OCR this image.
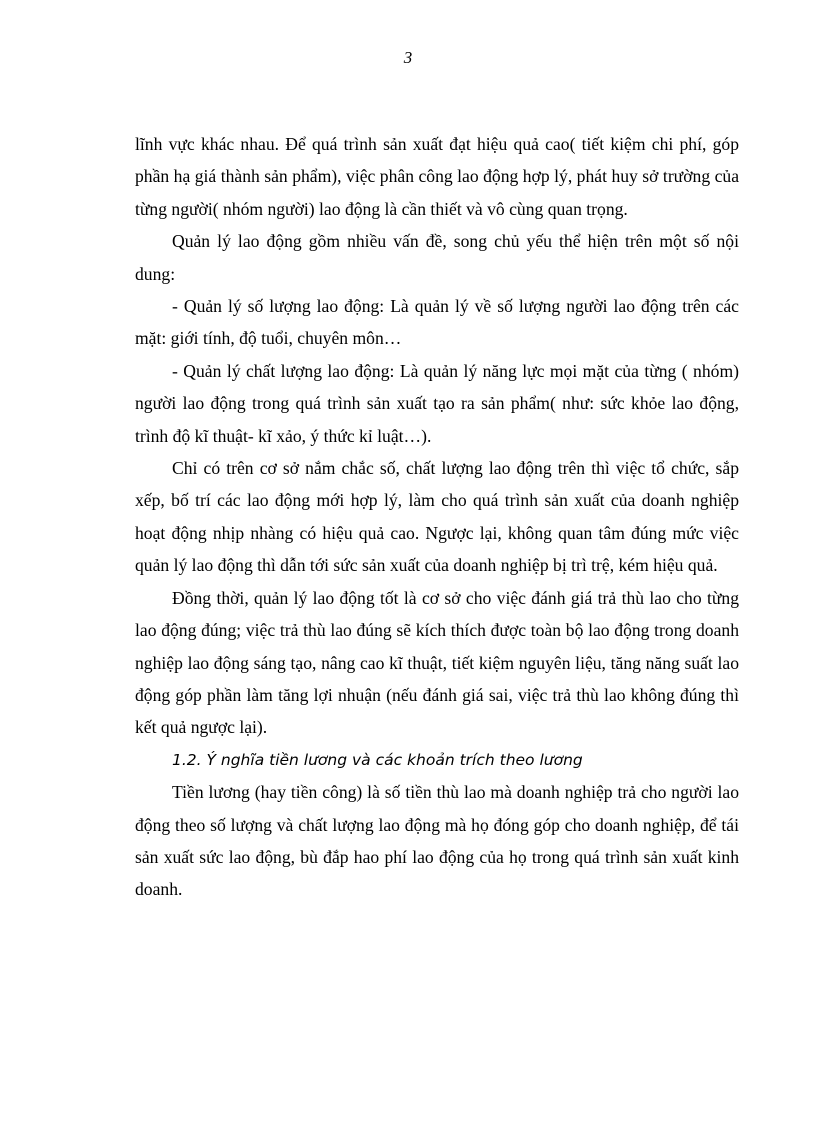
3

lĩnh vực khác nhau. Để quá trình sản xuất đạt hiệu quả cao( tiết kiệm chi phí, góp phần hạ giá thành sản phẩm), việc phân công lao động hợp lý, phát huy sở trường của từng người( nhóm người) lao động là cần thiết và vô cùng quan trọng.

Quản lý lao động gồm nhiều vấn đề, song chủ yếu thể hiện trên một số nội dung:

- Quản lý số lượng lao động: Là quản lý về số lượng người lao động trên các mặt: giới tính, độ tuổi, chuyên môn…

- Quản lý chất lượng lao động: Là quản lý năng lực mọi mặt của từng ( nhóm) người lao động trong quá trình sản xuất tạo ra sản phẩm( như: sức khỏe lao động, trình độ kĩ thuật- kĩ xảo, ý thức kỉ luật…).

Chỉ có trên cơ sở nắm chắc số, chất lượng lao động trên thì việc tổ chức, sắp xếp, bố trí các lao động mới hợp lý, làm cho quá trình sản xuất của doanh nghiệp hoạt động nhịp nhàng có hiệu quả cao. Ngược lại, không quan tâm đúng mức việc quản lý lao động thì dẫn tới sức sản xuất của doanh nghiệp bị trì trệ, kém hiệu quả.

Đồng thời, quản lý lao động tốt là cơ sở cho việc đánh giá trả thù lao cho từng lao động đúng; việc trả thù lao đúng sẽ kích thích được toàn bộ lao động trong doanh nghiệp lao động sáng tạo, nâng cao kĩ thuật, tiết kiệm nguyên liệu, tăng năng suất lao động góp phần làm tăng lợi nhuận (nếu đánh giá sai, việc trả thù lao không đúng thì kết quả ngược lại).

1.2. Ý nghĩa tiền lương và các khoản trích theo lương

Tiền lương (hay tiền công) là số tiền thù lao mà doanh nghiệp trả cho người lao động theo số lượng và chất lượng lao động mà họ đóng góp cho doanh nghiệp, để tái sản xuất sức lao động, bù đắp hao phí lao động của họ trong quá trình sản xuất kinh doanh.
